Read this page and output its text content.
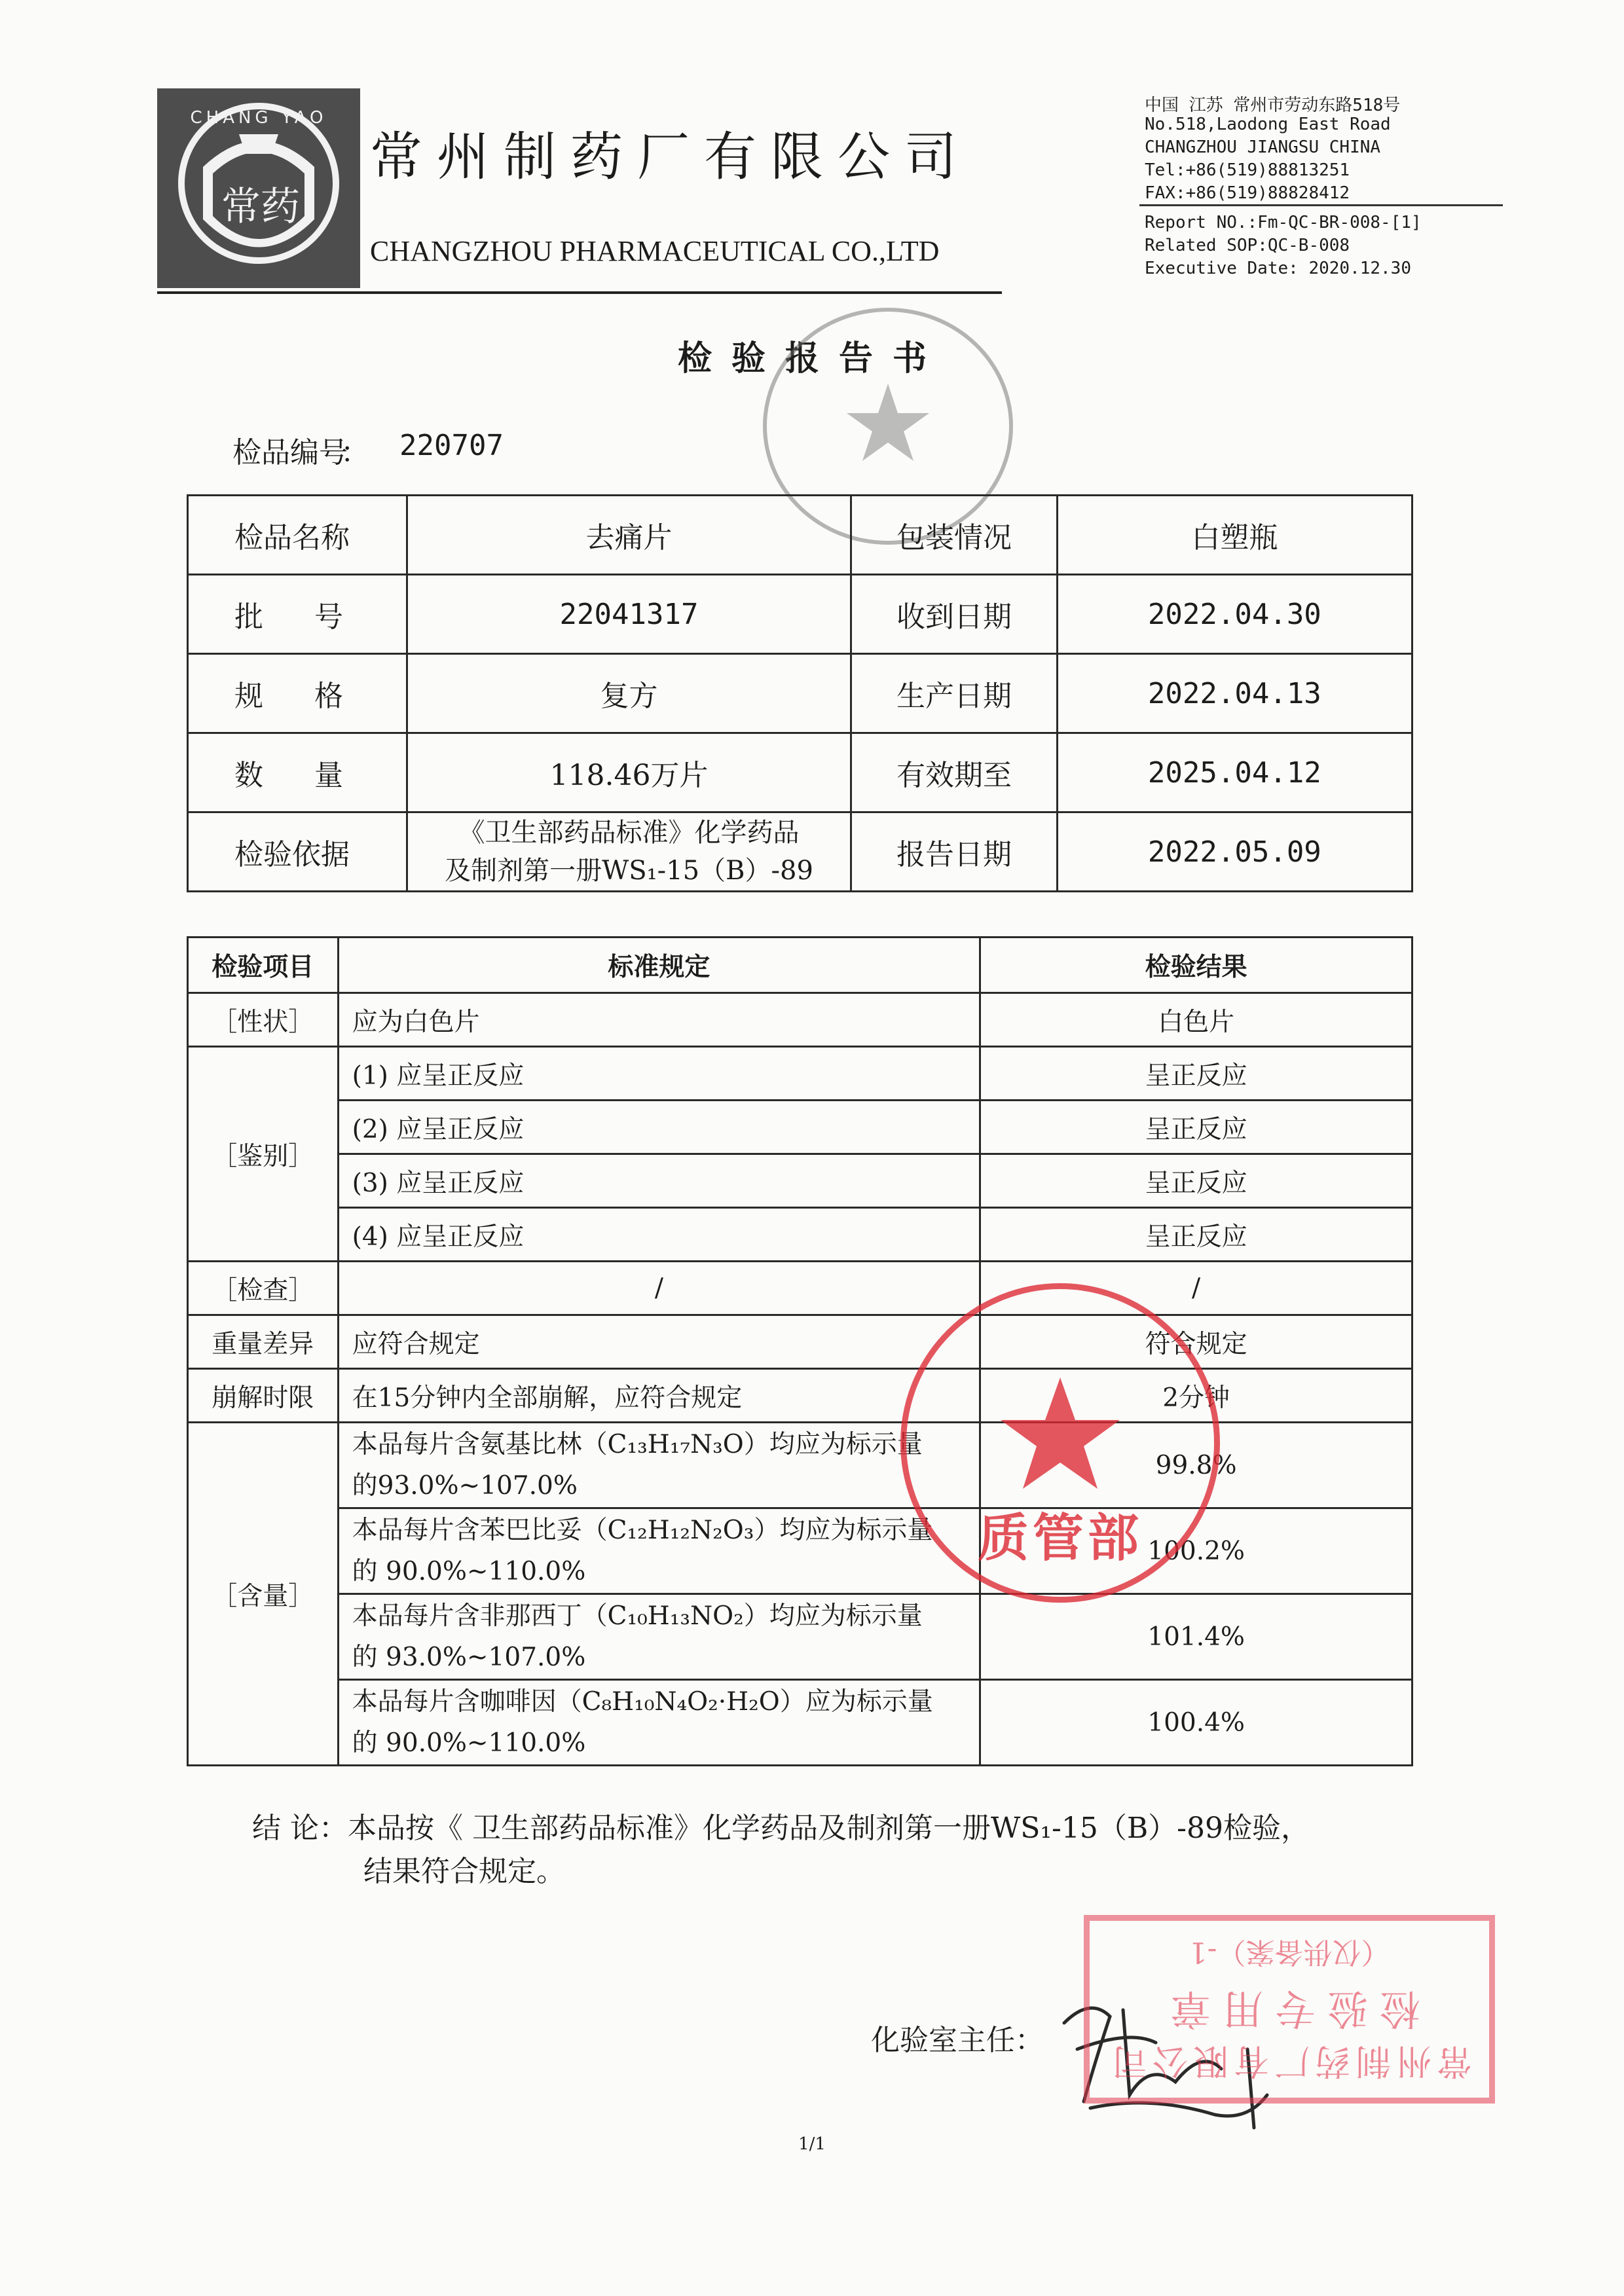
CHANG YAO
常药
常州制药厂有限公司
CHANGZHOU PHARMACEUTICAL CO.,LTD
中国 江苏 常州市劳动东路518号
No.518,Laodong East Road
CHANGZHOU JIANGSU CHINA
Tel:+86(519)88813251
FAX:+86(519)88828412
Report NO.:Fm-QC-BR-008-[1]
Related SOP:QC-B-008
Executive Date: 2020.12.30
检验报告书
检品编号
： 220707
检品名称	去痛片	包装情况	白塑瓶
批号	22041317	收到日期	2022.04.30
规格	复方	生产日期	2022.04.13
数量	118.46万片	有效期至	2025.04.12
检验依据	《卫生部药品标准》化学药品
及制剂第一册WS₁-15（B）-89	报告日期	2022.05.09
检验项目	标准规定	检验结果
［性状］	应为白色片	白色片
［鉴别］	(1) 应呈正反应	呈正反应
	(2) 应呈正反应	呈正反应
	(3) 应呈正反应	呈正反应
	(4) 应呈正反应	呈正反应
［检查］	/	/
重量差异	应符合规定	符合规定
崩解时限	在15分钟内全部崩解，应符合规定	2分钟
［含量］	本品每片含氨基比林（C₁₃H₁₇N₃O）均应为标示量
的93.0%~107.0%	99.8%

	本品每片含苯巴比妥（C₁₂H₁₂N₂O₃）均应为标示量
的 90.0%~110.0%	100.2%

	本品每片含非那西丁（C₁₀H₁₃NO₂）均应为标示量
的 93.0%~107.0%	101.4%

	本品每片含咖啡因（C₈H₁₀N₄O₂·H₂O）应为标示量
的 90.0%~110.0%	100.4%
质管部
结 论：本品按《 卫生部药品标准》化学药品及制剂第一册WS₁-15（B）-89检验，
结果符合规定。
化验室主任：
（仅供备案）-1
检验专用章
常州制药厂有限公司
1/1
